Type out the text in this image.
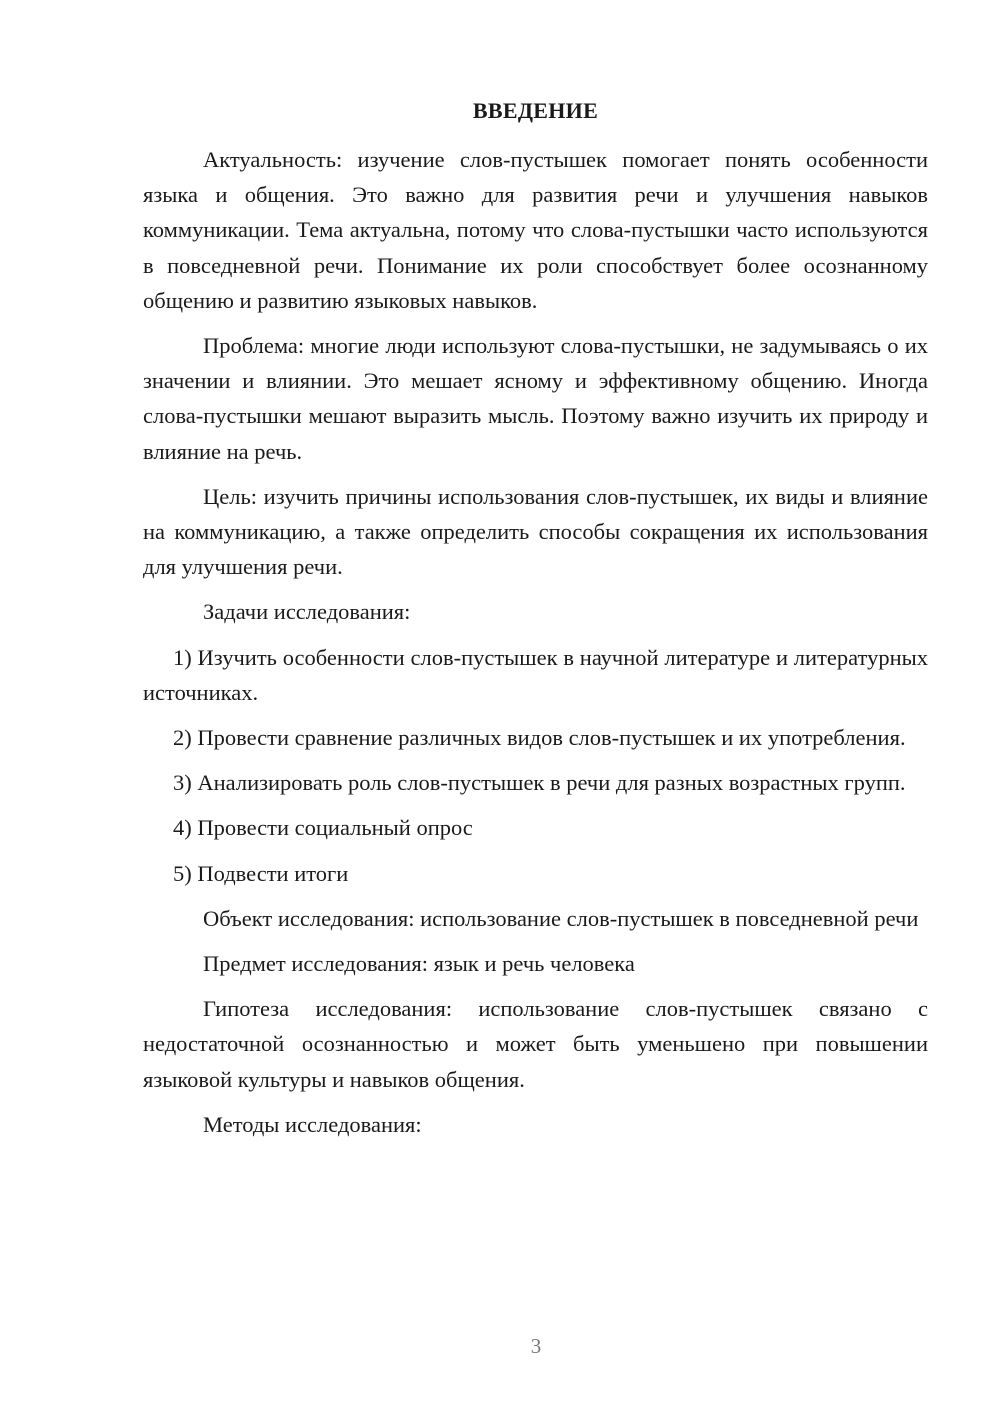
ВВЕДЕНИЕ

Актуальность: изучение слов-пустышек помогает понять особенности языка и общения. Это важно для развития речи и улучшения навыков коммуникации. Тема актуальна, потому что слова-пустышки часто используются в повседневной речи. Понимание их роли способствует более осознанному общению и развитию языковых навыков.

Проблема: многие люди используют слова-пустышки, не задумываясь о их значении и влиянии. Это мешает ясному и эффективному общению. Иногда слова-пустышки мешают выразить мысль. Поэтому важно изучить их природу и влияние на речь.

Цель: изучить причины использования слов-пустышек, их виды и влияние на коммуникацию, а также определить способы сокращения их использования для улучшения речи.

Задачи исследования:

1) Изучить особенности слов-пустышек в научной литературе и литературных источниках.

2) Провести сравнение различных видов слов-пустышек и их употребления.

3) Анализировать роль слов-пустышек в речи для разных возрастных групп.

4) Провести социальный опрос

5) Подвести итоги

Объект исследования: использование слов-пустышек в повседневной речи

Предмет исследования: язык и речь человека

Гипотеза исследования: использование слов-пустышек связано с недостаточной осознанностью и может быть уменьшено при повышении языковой культуры и навыков общения.

Методы исследования:

3
